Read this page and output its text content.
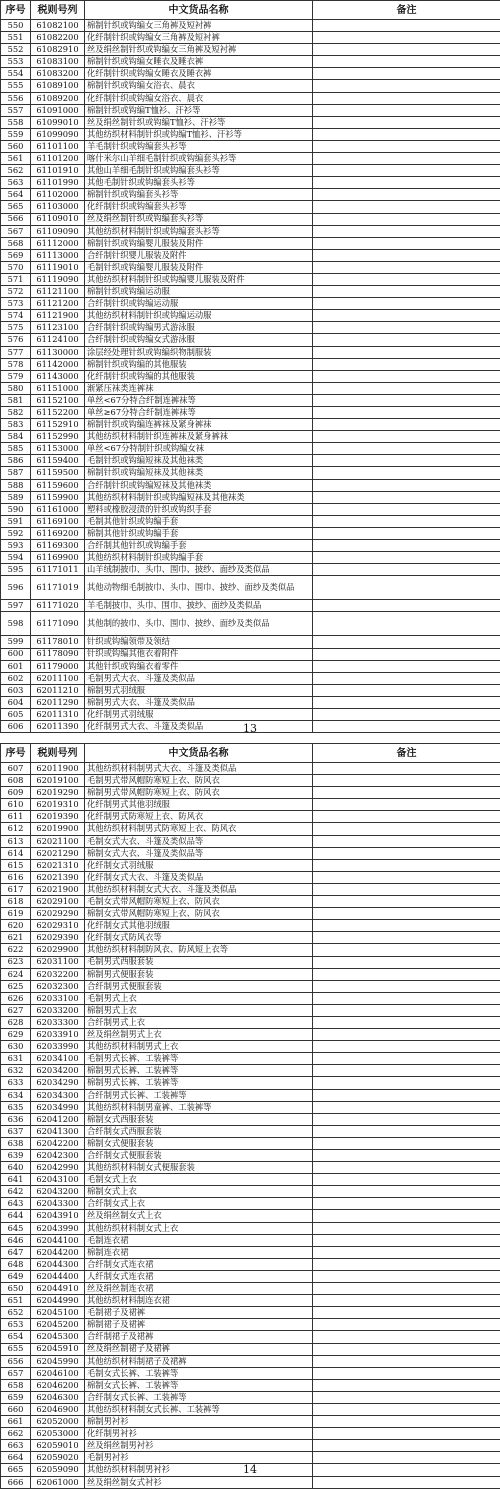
序号	税则号列	中文货品名称	备注
550	61082100	棉制针织或钩编女三角裤及短衬裤	
551	61082200	化纤制针织或钩编女三角裤及短衬裤	
552	61082910	丝及绢丝制针织或钩编女三角裤及短衬裤	
553	61083100	棉制针织或钩编女睡衣及睡衣裤	
554	61083200	化纤制针织或钩编女睡衣及睡衣裤	
555	61089100	棉制针织或钩编女浴衣、晨衣	
556	61089200	化纤制针织或钩编女浴衣、晨衣	
557	61091000	棉制针织或钩编T恤衫、汗衫等	
558	61099010	丝及绢丝制针织或钩编T恤衫、汗衫等	
559	61099090	其他纺织材料制针织或钩编T恤衫、汗衫等	
560	61101100	羊毛制针织或钩编套头衫等	
561	61101200	喀什米尔山羊细毛制针织或钩编套头衫等	
562	61101910	其他山羊细毛制针织或钩编套头衫等	
563	61101990	其他毛制针织或钩编套头衫等	
564	61102000	棉制针织或钩编套头衫等	
565	61103000	化纤制针织或钩编套头衫等	
566	61109010	丝及绢丝制针织或钩编套头衫等	
567	61109090	其他纺织材料制针织或钩编套头衫等	
568	61112000	棉制针织或钩编婴儿服装及附件	
569	61113000	合纤制针织婴儿服装及附件	
570	61119010	毛制针织或钩编婴儿服装及附件	
571	61119090	其他纺织材料制针织或钩编婴儿服装及附件	
572	61121100	棉制针织或钩编运动服	
573	61121200	合纤制针织或钩编运动服	
574	61121900	其他纺织材料制针织或钩编运动服	
575	61123100	合纤制针织或钩编男式游泳服	
576	61124100	合纤制针织或钩编女式游泳服	
577	61130000	涂层经处理针织或钩编织物制服装	
578	61142000	棉制针织或钩编的其他服装	
579	61143000	化纤制针织或钩编的其他服装	
580	61151000	渐紧压袜类连裤袜	
581	61152100	单丝<67分特合纤制连裤袜等	
582	61152200	单丝≥67分特合纤制连裤袜等	
583	61152910	棉制针织或钩编连裤袜及紧身裤袜	
584	61152990	其他纺织材料制针织连裤袜及紧身裤袜	
585	61153000	单丝<67分特制针织或钩编女袜	
586	61159400	毛制针织或钩编短袜及其他袜类	
587	61159500	棉制针织或钩编短袜及其他袜类	
588	61159600	合纤制针织或钩编短袜及其他袜类	
589	61159900	其他纺织材料制针织或钩编短袜及其他袜类	
590	61161000	塑料或橡胶浸渍的针织或钩织手套	
591	61169100	毛制其他针织或钩编手套	
592	61169200	棉制其他针织或钩编手套	
593	61169300	合纤制其他针织或钩编手套	
594	61169900	其他纺织材料制针织或钩编手套	
595	61171011	山羊绒制披巾、头巾、围巾、披纱、面纱及类似品	
596	61171019	其他动物细毛制披巾、头巾、围巾、披纱、面纱及类似品	
597	61171020	羊毛制披巾、头巾、围巾、披纱、面纱及类似品	
598	61171090	其他制的披巾、头巾、围巾、披纱、面纱及类似品	
599	61178010	针织或钩编领带及领结	
600	61178090	针织或钩编其他衣着附件	
601	61179000	其他针织或钩编衣着零件	
602	62011100	毛制男式大衣、斗篷及类似品	
603	62011210	棉制男式羽绒服	
604	62011290	棉制男式大衣、斗篷及类似品	
605	62011310	化纤制男式羽绒服	
606	62011390	化纤制男式大衣、斗篷及类似品		13
序号	税则号列	中文货品名称	备注
607	62011900	其他纺织材料制男式大衣、斗篷及类似品	
608	62019100	毛制男式带风帽防寒短上衣、防风衣	
609	62019290	棉制男式带风帽防寒短上衣、防风衣	
610	62019310	化纤制男式其他羽绒服	
611	62019390	化纤制男式防寒短上衣、防风衣	
612	62019900	其他纺织材料制男式防寒短上衣、防风衣	
613	62021100	毛制女式大衣、斗篷及类似品等	
614	62021290	棉制女式大衣、斗篷及类似品等	
615	62021310	化纤制女式羽绒服	
616	62021390	化纤制女式大衣、斗篷及类似品	
617	62021900	其他纺织材料制女式大衣、斗篷及类似品	
618	62029100	毛制女式带风帽防寒短上衣、防风衣	
619	62029290	棉制女式带风帽防寒短上衣、防风衣	
620	62029310	化纤制女式其他羽绒服	
621	62029390	化纤制女式防风衣等	
622	62029900	其他纺织材料制防风衣、防风短上衣等	
623	62031100	毛制男式西服套装	
624	62032200	棉制男式便服套装	
625	62032300	合纤制男式便服套装	
626	62033100	毛制男式上衣	
627	62033200	棉制男式上衣	
628	62033300	合纤制男式上衣	
629	62033910	丝及绢丝制男式上衣	
630	62033990	其他纺织材料制男式上衣	
631	62034100	毛制男式长裤、工装裤等	
632	62034200	棉制男式长裤、工装裤等	
633	62034290	棉制男式长裤、工装裤等	
634	62034300	合纤制男式长裤、工装裤等	
635	62034990	其他纺织材料制男童裤、工装裤等	
636	62041200	棉制女式西服套装	
637	62041300	合纤制女式西服套装	
638	62042200	棉制女式便服套装	
639	62042300	合纤制女式便服套装	
640	62042990	其他纺织材料制女式便服套装	
641	62043100	毛制女式上衣	
642	62043200	棉制女式上衣	
643	62043300	合纤制女式上衣	
644	62043910	丝及绢丝制女式上衣	
645	62043990	其他纺织材料制女式上衣	
646	62044100	毛制连衣裙	
647	62044200	棉制连衣裙	
648	62044300	合纤制女式连衣裙	
649	62044400	人纤制女式连衣裙	
650	62044910	丝及绢丝制连衣裙	
651	62044990	其他纺织材料制连衣裙	
652	62045100	毛制裙子及裙裤	
653	62045200	棉制裙子及裙裤	
654	62045300	合纤制裙子及裙裤	
655	62045910	丝及绢丝制裙子及裙裤	
656	62045990	其他纺织材料制裙子及裙裤	
657	62046100	毛制女式长裤、工装裤等	
658	62046200	棉制女式长裤、工装裤等	
659	62046300	合纤制女式长裤、工装裤等	
660	62046900	其他纺织材料制女式长裤、工装裤等	
661	62052000	棉制男衬衫	
662	62053000	化纤制男衬衫	
663	62059010	丝及绢丝制男衬衫	
664	62059020	毛制男衬衫	
665	62059090	其他纺织材料制男衬衫	
666	62061000	丝及绢丝制女式衬衫	
14
